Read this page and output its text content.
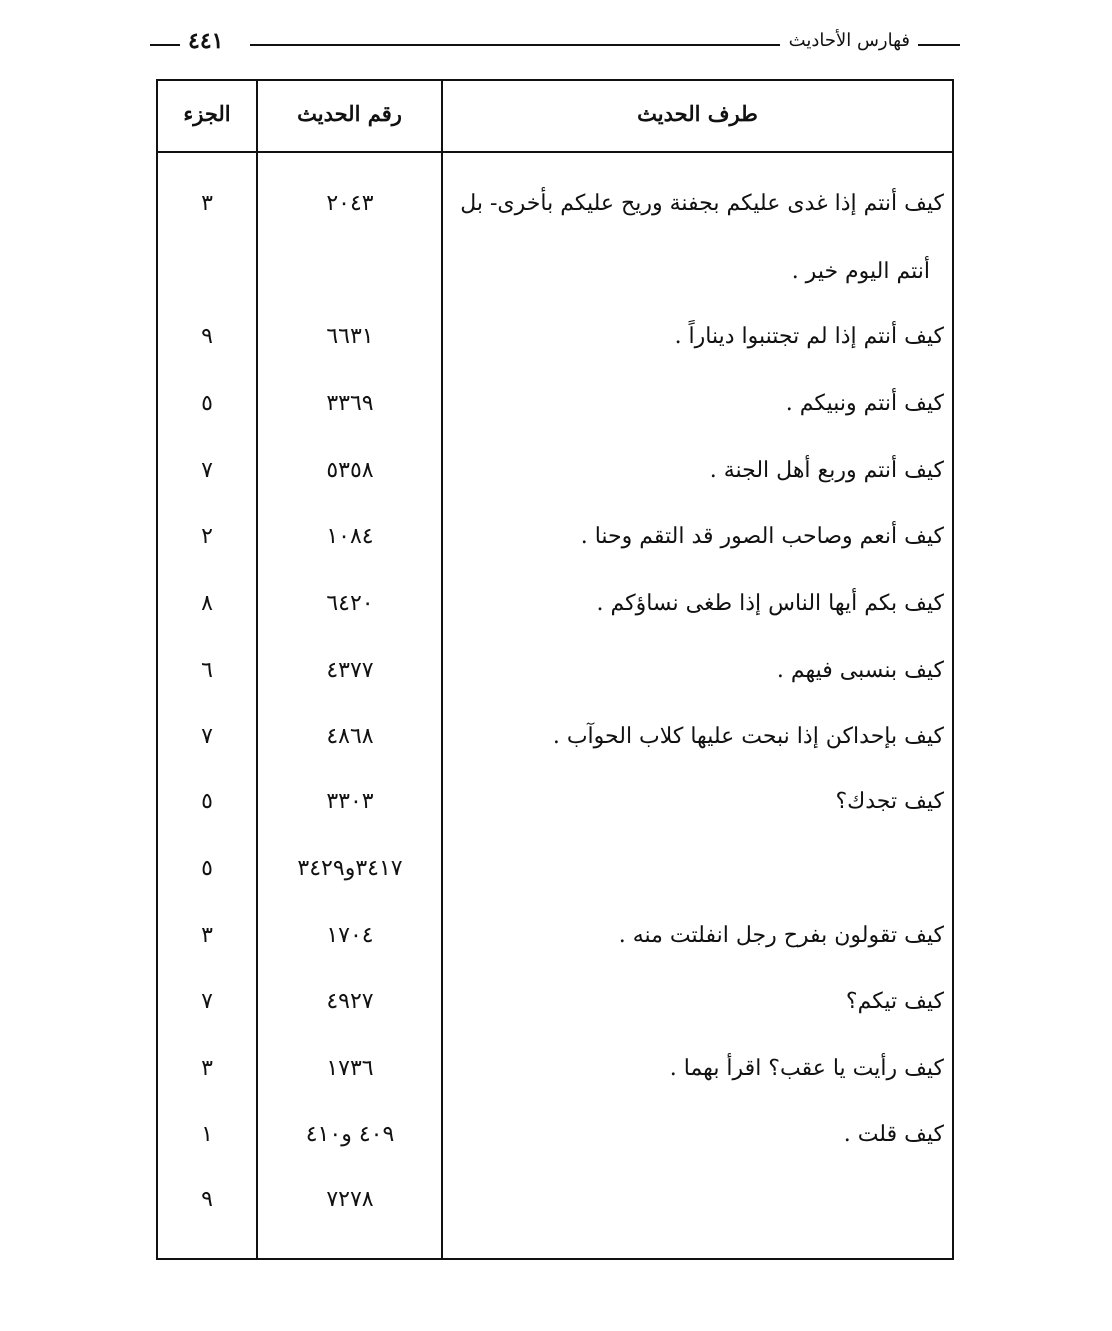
فهارس الأحاديث
٤٤١
طرف الحديث
رقم الحديث
الجزء
كيف أنتم إذا غدى عليكم بجفنة وريح عليكم بأخرى- بل
٢٠٤٣
٣
أنتم اليوم خير .
كيف أنتم إذا لم تجتنبوا ديناراً .
٦٦٣١
٩
كيف أنتم ونبيكم .
٣٣٦٩
٥
كيف أنتم وربع أهل الجنة .
٥٣٥٨
٧
كيف أنعم وصاحب الصور قد التقم وحنا .
١٠٨٤
٢
كيف بكم أيها الناس إذا طغى نساؤكم .
٦٤٢٠
٨
كيف بنسبى فيهم .
٤٣٧٧
٦
كيف بإحداكن إذا نبحت عليها كلاب الحوآب .
٤٨٦٨
٧
كيف تجدك؟
٣٣٠٣
٥
٣٤١٧و٣٤٢٩
٥
كيف تقولون بفرح رجل انفلتت منه .
١٧٠٤
٣
كيف تيكم؟
٤٩٢٧
٧
كيف رأيت يا عقب؟ اقرأ بهما .
١٧٣٦
٣
كيف قلت .
٤٠٩ و٤١٠
١
٧٢٧٨
٩
